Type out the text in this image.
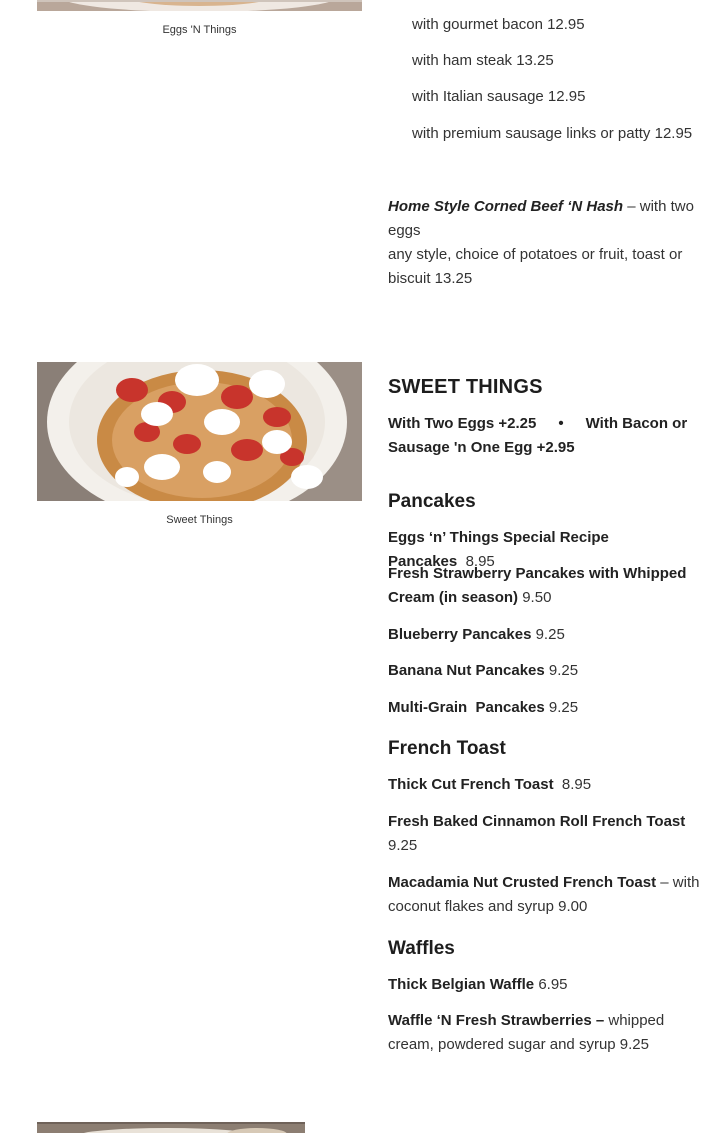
Eggs 'N Things	with gourmet bacon 12.95
with ham steak 13.25
with Italian sausage 12.95
with premium sausage links or patty 12.95
Home Style Corned Beef ‘N Hash – with two eggs
any style, choice of potatoes or fruit, toast or
biscuit 13.25
Sweet Things
SWEET THINGS
With Two Eggs +2.25 • With Bacon or
Sausage 'n One Egg +2.95
Pancakes
Eggs ‘n’ Things Special Recipe Pancakes 8.95
Fresh Strawberry Pancakes with Whipped
Cream (in season) 9.50
Blueberry Pancakes 9.25
Banana Nut Pancakes 9.25
Multi-Grain  Pancakes 9.25
French Toast
Thick Cut French Toast 8.95
Fresh Baked Cinnamon Roll French Toast
9.25
Macadamia Nut Crusted French Toast – with
coconut flakes and syrup 9.00
Waffles
Thick Belgian Waffle 6.95
Waffle ‘N Fresh Strawberries – whipped
cream, powdered sugar and syrup 9.25
